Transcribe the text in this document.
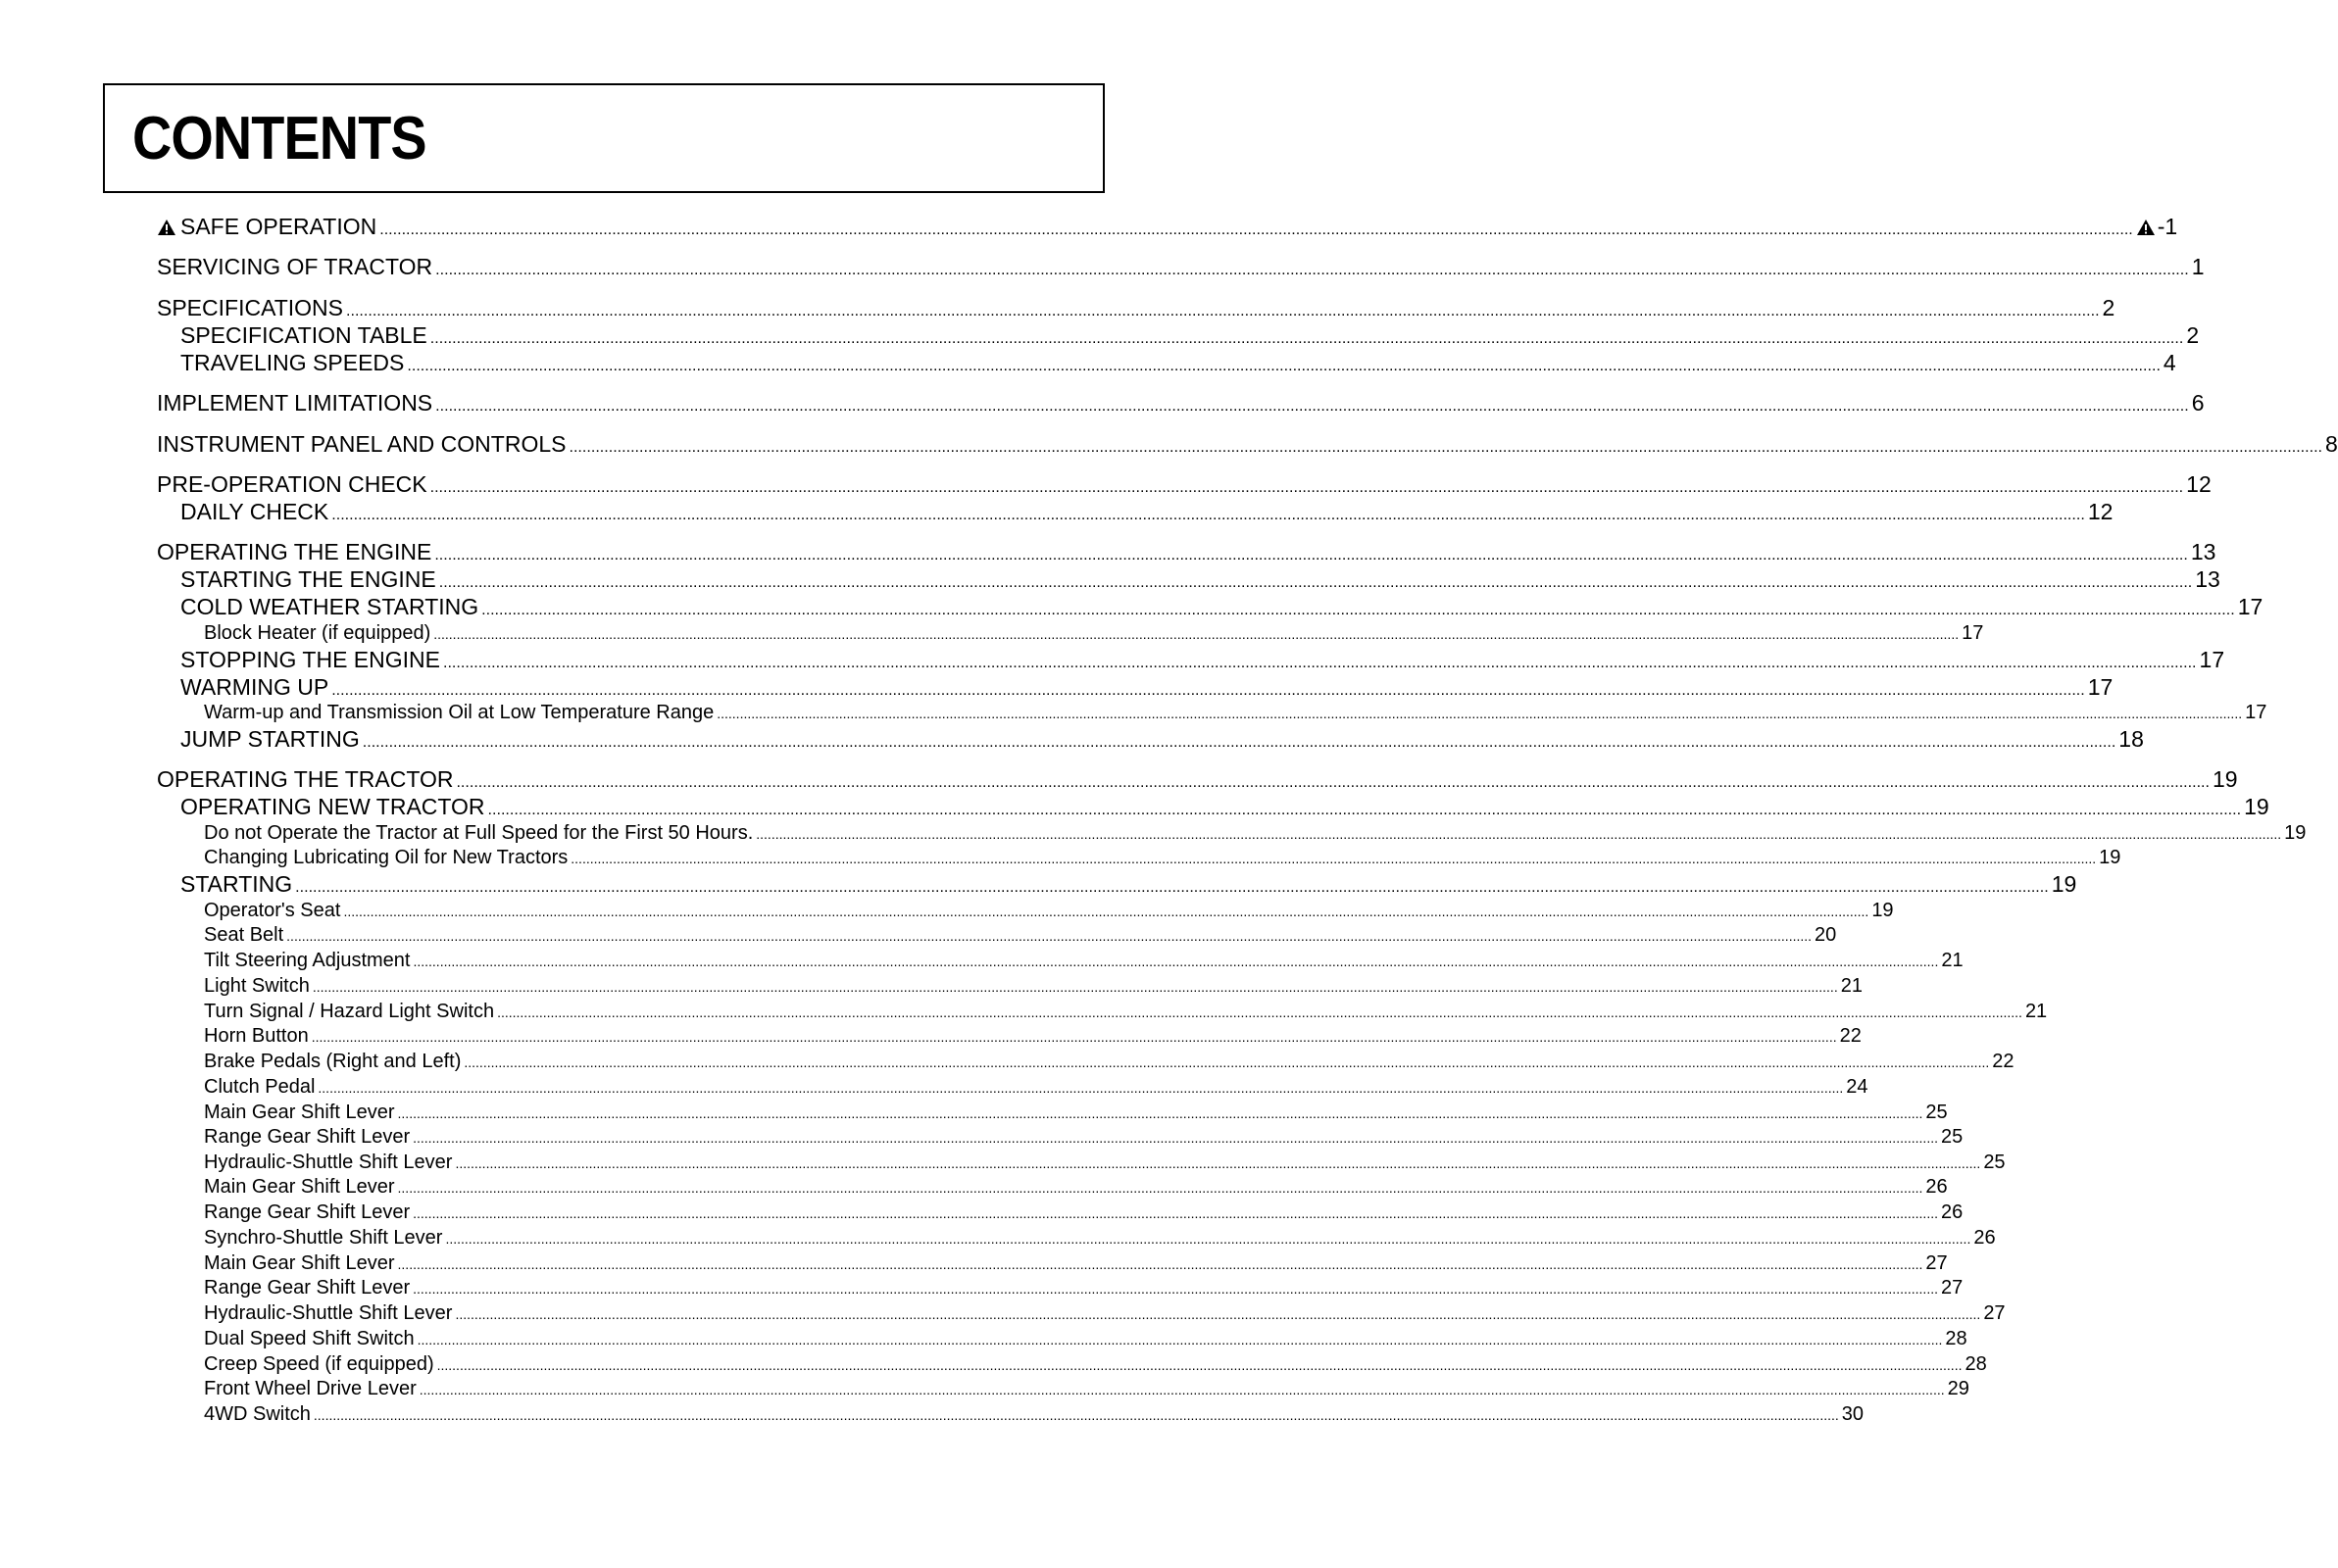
CONTENTS
SAFE OPERATION ................................................................................................................................................................................................................................................................................................................................................................................................................ -1
SERVICING OF TRACTOR ................................................................................................................................................................................................................................................................................................................................................................................................................ 1
SPECIFICATIONS ................................................................................................................................................................................................................................................................................................................................................................................................................ 2
SPECIFICATION TABLE ................................................................................................................................................................................................................................................................................................................................................................................................................ 2
TRAVELING SPEEDS ................................................................................................................................................................................................................................................................................................................................................................................................................ 4
IMPLEMENT LIMITATIONS ................................................................................................................................................................................................................................................................................................................................................................................................................ 6
INSTRUMENT PANEL AND CONTROLS ................................................................................................................................................................................................................................................................................................................................................................................................................ 8
PRE-OPERATION CHECK ................................................................................................................................................................................................................................................................................................................................................................................................................ 12
DAILY CHECK ................................................................................................................................................................................................................................................................................................................................................................................................................ 12
OPERATING THE ENGINE ................................................................................................................................................................................................................................................................................................................................................................................................................ 13
STARTING THE ENGINE ................................................................................................................................................................................................................................................................................................................................................................................................................ 13
COLD WEATHER STARTING ................................................................................................................................................................................................................................................................................................................................................................................................................ 17
Block Heater (if equipped) ................................................................................................................................................................................................................................................................................................................................................................................................................ 17
STOPPING THE ENGINE ................................................................................................................................................................................................................................................................................................................................................................................................................ 17
WARMING UP ................................................................................................................................................................................................................................................................................................................................................................................................................ 17
Warm-up and Transmission Oil at Low Temperature Range ................................................................................................................................................................................................................................................................................................................................................................................................................ 17
JUMP STARTING ................................................................................................................................................................................................................................................................................................................................................................................................................ 18
OPERATING THE TRACTOR ................................................................................................................................................................................................................................................................................................................................................................................................................ 19
OPERATING NEW TRACTOR ................................................................................................................................................................................................................................................................................................................................................................................................................ 19
Do not Operate the Tractor at Full Speed for the First 50 Hours. ................................................................................................................................................................................................................................................................................................................................................................................................................ 19
Changing Lubricating Oil for New Tractors ................................................................................................................................................................................................................................................................................................................................................................................................................ 19
STARTING ................................................................................................................................................................................................................................................................................................................................................................................................................ 19
Operator's Seat ................................................................................................................................................................................................................................................................................................................................................................................................................ 19
Seat Belt ................................................................................................................................................................................................................................................................................................................................................................................................................ 20
Tilt Steering Adjustment ................................................................................................................................................................................................................................................................................................................................................................................................................ 21
Light Switch ................................................................................................................................................................................................................................................................................................................................................................................................................ 21
Turn Signal / Hazard Light Switch ................................................................................................................................................................................................................................................................................................................................................................................................................ 21
Horn Button ................................................................................................................................................................................................................................................................................................................................................................................................................ 22
Brake Pedals (Right and Left) ................................................................................................................................................................................................................................................................................................................................................................................................................ 22
Clutch Pedal ................................................................................................................................................................................................................................................................................................................................................................................................................ 24
Main Gear Shift Lever ................................................................................................................................................................................................................................................................................................................................................................................................................ 25
Range Gear Shift Lever ................................................................................................................................................................................................................................................................................................................................................................................................................ 25
Hydraulic-Shuttle Shift Lever ................................................................................................................................................................................................................................................................................................................................................................................................................ 25
Main Gear Shift Lever ................................................................................................................................................................................................................................................................................................................................................................................................................ 26
Range Gear Shift Lever ................................................................................................................................................................................................................................................................................................................................................................................................................ 26
Synchro-Shuttle Shift Lever ................................................................................................................................................................................................................................................................................................................................................................................................................ 26
Main Gear Shift Lever ................................................................................................................................................................................................................................................................................................................................................................................................................ 27
Range Gear Shift Lever ................................................................................................................................................................................................................................................................................................................................................................................................................ 27
Hydraulic-Shuttle Shift Lever ................................................................................................................................................................................................................................................................................................................................................................................................................ 27
Dual Speed Shift Switch ................................................................................................................................................................................................................................................................................................................................................................................................................ 28
Creep Speed (if equipped) ................................................................................................................................................................................................................................................................................................................................................................................................................ 28
Front Wheel Drive Lever ................................................................................................................................................................................................................................................................................................................................................................................................................ 29
4WD Switch ................................................................................................................................................................................................................................................................................................................................................................................................................ 30
